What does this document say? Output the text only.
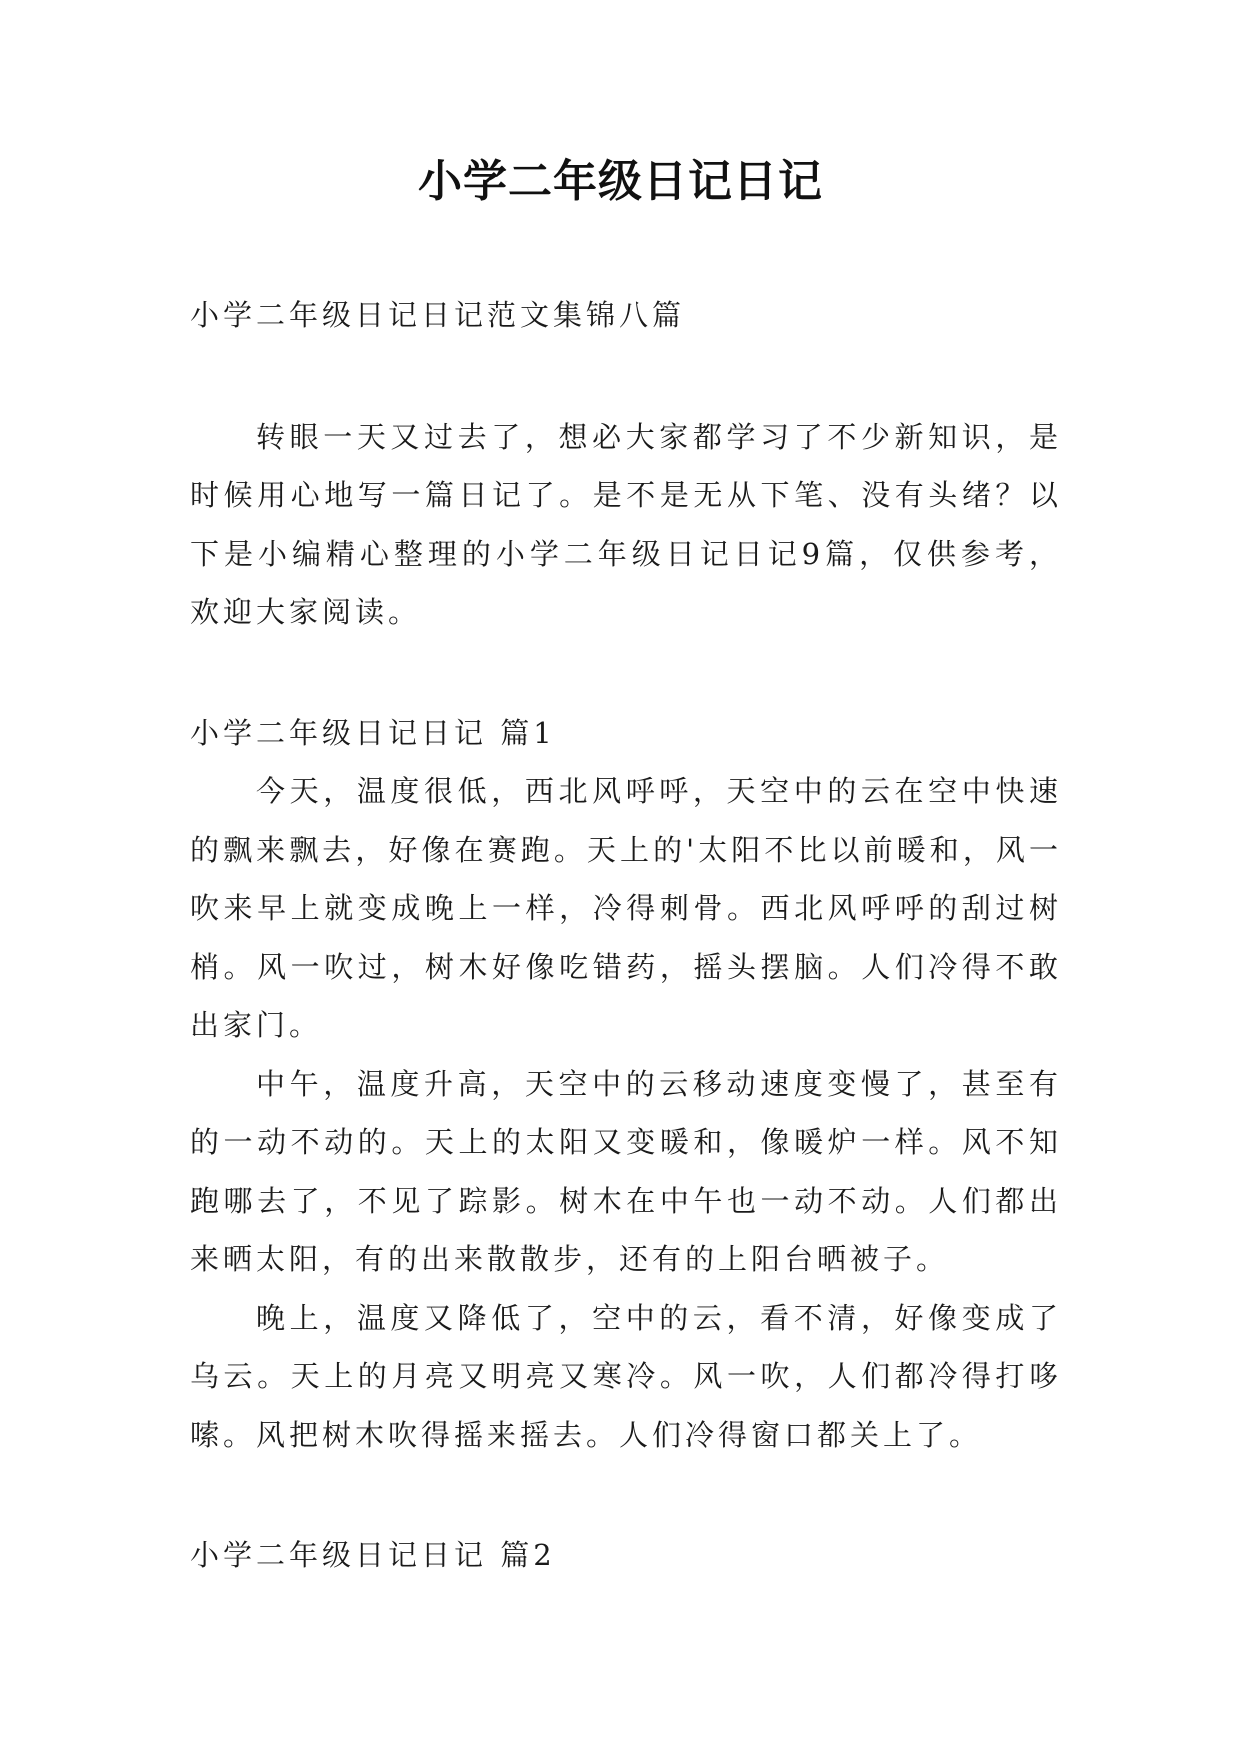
小学二年级日记日记

小学二年级日记日记范文集锦八篇

转眼一天又过去了，想必大家都学习了不少新知识，是时候用心地写一篇日记了。是不是无从下笔、没有头绪？以下是小编精心整理的小学二年级日记日记9篇，仅供参考，欢迎大家阅读。

小学二年级日记日记 篇1

今天，温度很低，西北风呼呼，天空中的云在空中快速的飘来飘去，好像在赛跑。天上的'太阳不比以前暖和，风一吹来早上就变成晚上一样，冷得刺骨。西北风呼呼的刮过树梢。风一吹过，树木好像吃错药，摇头摆脑。人们冷得不敢出家门。

中午，温度升高，天空中的云移动速度变慢了，甚至有的一动不动的。天上的太阳又变暖和，像暖炉一样。风不知跑哪去了，不见了踪影。树木在中午也一动不动。人们都出来晒太阳，有的出来散散步，还有的上阳台晒被子。

晚上，温度又降低了，空中的云，看不清，好像变成了乌云。天上的月亮又明亮又寒冷。风一吹，人们都冷得打哆嗦。风把树木吹得摇来摇去。人们冷得窗口都关上了。

小学二年级日记日记 篇2
